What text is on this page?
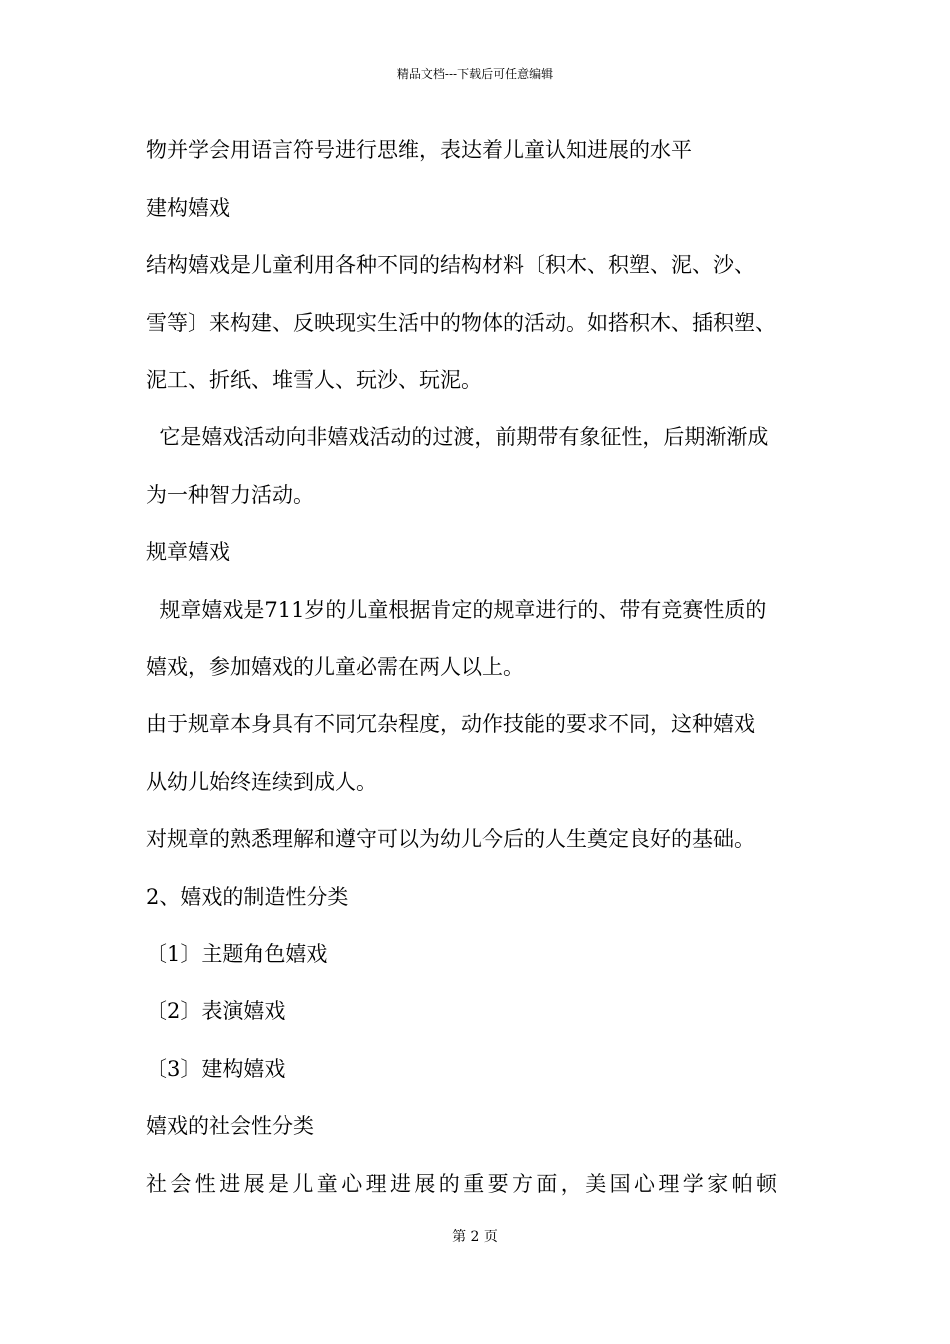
精品文档---下载后可任意编辑
物并学会用语言符号进行思维，表达着儿童认知进展的水平
建构嬉戏
结构嬉戏是儿童利用各种不同的结构材料〔积木、积塑、泥、沙、
雪等〕来构建、反映现实生活中的物体的活动。如搭积木、插积塑、
泥工、折纸、堆雪人、玩沙、玩泥。
它是嬉戏活动向非嬉戏活动的过渡，前期带有象征性，后期渐渐成
为一种智力活动。
规章嬉戏
规章嬉戏是711岁的儿童根据肯定的规章进行的、带有竞赛性质的
嬉戏，参加嬉戏的儿童必需在两人以上。
由于规章本身具有不同冗杂程度，动作技能的要求不同，这种嬉戏
从幼儿始终连续到成人。
对规章的熟悉理解和遵守可以为幼儿今后的人生奠定良好的基础。
2、嬉戏的制造性分类
〔1〕主题角色嬉戏
〔2〕表演嬉戏
〔3〕建构嬉戏
嬉戏的社会性分类
社会性进展是儿童心理进展的重要方面，美国心理学家帕顿
第 2 页
